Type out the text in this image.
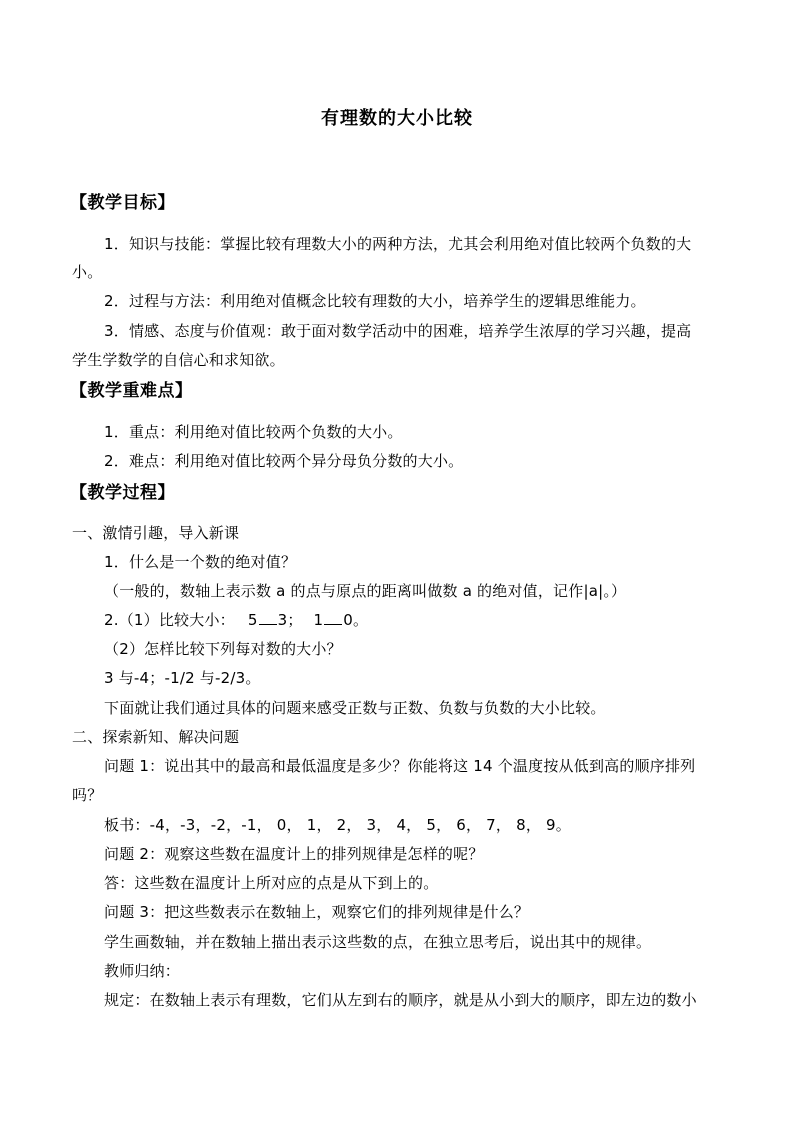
有理数的大小比较
【教学目标】
1．知识与技能：掌握比较有理数大小的两种方法，尤其会利用绝对值比较两个负数的大
小。
2．过程与方法：利用绝对值概念比较有理数的大小，培养学生的逻辑思维能力。
3．情感、态度与价值观：敢于面对数学活动中的困难，培养学生浓厚的学习兴趣，提高
学生学数学的自信心和求知欲。
【教学重难点】
1．重点：利用绝对值比较两个负数的大小。
2．难点：利用绝对值比较两个异分母负分数的大小。
【教学过程】
一、激情引趣，导入新课
1．什么是一个数的绝对值？
（一般的，数轴上表示数 a 的点与原点的距离叫做数 a 的绝对值，记作|a|。）
2.（1）比较大小： 5 3； 1 0。
（2）怎样比较下列每对数的大小？
3 与-4；-1/2 与-2/3。
下面就让我们通过具体的问题来感受正数与正数、负数与负数的大小比较。
二、探索新知、解决问题
问题 1：说出其中的最高和最低温度是多少？你能将这 14 个温度按从低到高的顺序排列
吗？
板书：-4，-3，-2，-1， 0， 1， 2， 3， 4， 5， 6， 7， 8， 9。
问题 2：观察这些数在温度计上的排列规律是怎样的呢？
答：这些数在温度计上所对应的点是从下到上的。
问题 3：把这些数表示在数轴上，观察它们的排列规律是什么？
学生画数轴，并在数轴上描出表示这些数的点，在独立思考后，说出其中的规律。
教师归纳：
规定：在数轴上表示有理数，它们从左到右的顺序，就是从小到大的顺序，即左边的数小
